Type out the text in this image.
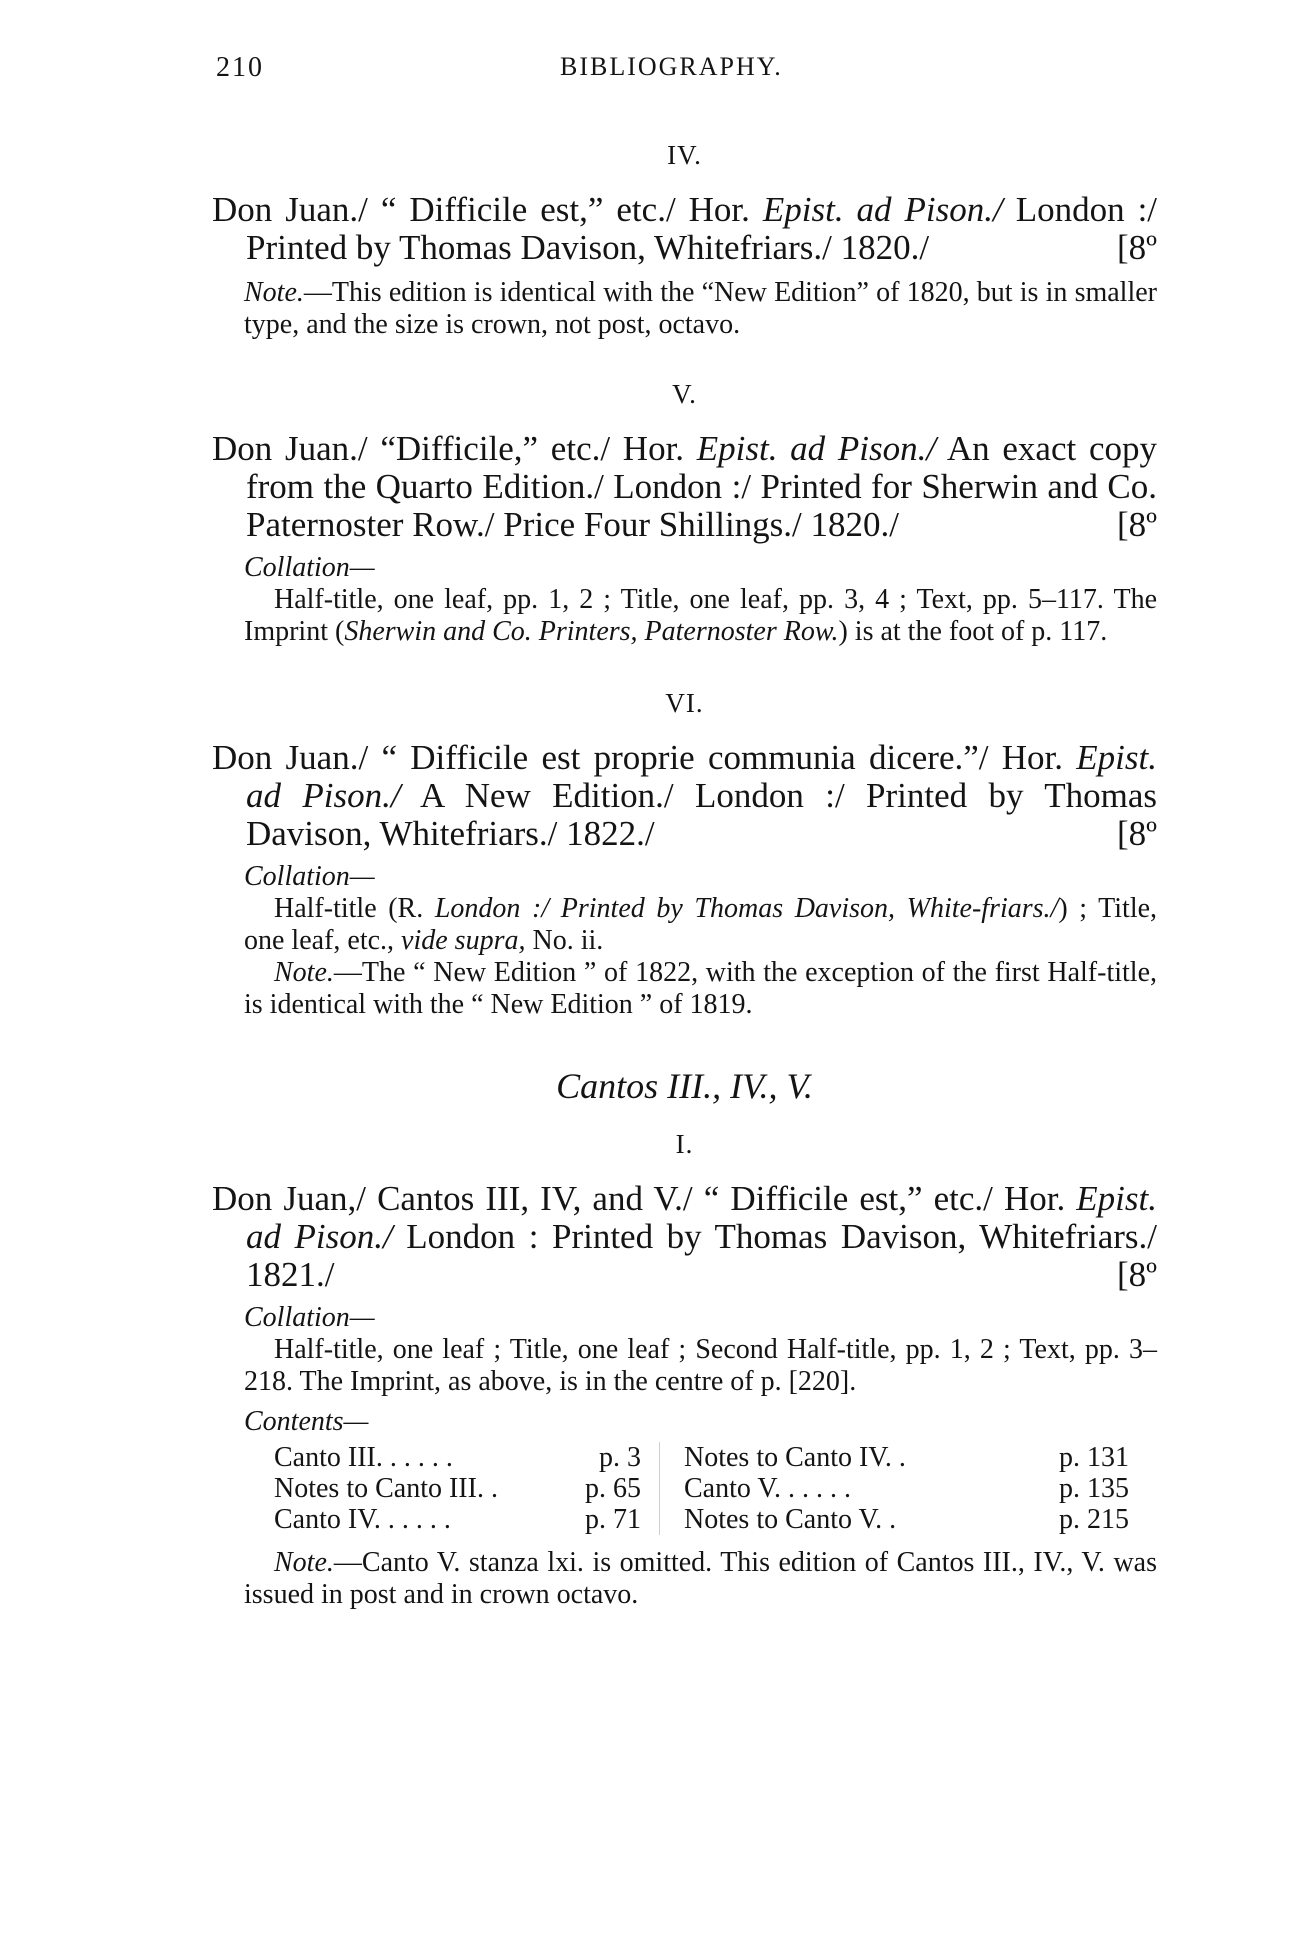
210	BIBLIOGRAPHY.
IV.

Don Juan./ “ Difficile est,” etc./ Hor. Epist. ad Pison./ London :/ Printed by Thomas Davison, Whitefriars./ 1820./	[8º

Note.—This edition is identical with the “New Edition” of 1820, but is in smaller type, and the size is crown, not post, octavo.

V.

Don Juan./ “Difficile,” etc./ Hor. Epist. ad Pison./ An exact copy from the Quarto Edition./ London :/ Printed for Sherwin and Co. Paternoster Row./ Price Four Shillings./ 1820./	[8º

Collation—

Half-title, one leaf, pp. 1, 2 ; Title, one leaf, pp. 3, 4 ; Text, pp. 5–117. The Imprint (Sherwin and Co. Printers, Paternoster Row.) is at the foot of p. 117.

VI.

Don Juan./ “ Difficile est proprie communia dicere.”/ Hor. Epist. ad Pison./ A New Edition./ London :/ Printed by Thomas Davison, Whitefriars./ 1822./	[8º

Collation—

Half-title (R. London :/ Printed by Thomas Davison, White-friars./) ; Title, one leaf, etc., vide supra, No. ii.

Note.—The “ New Edition ” of 1822, with the exception of the first Half-title, is identical with the “ New Edition ” of 1819.

Cantos III., IV., V.
I.

Don Juan,/ Cantos III, IV, and V./ “ Difficile est,” etc./ Hor. Epist. ad Pison./ London : Printed by Thomas Davison, Whitefriars./ 1821./	[8º

Collation—

Half-title, one leaf ; Title, one leaf ; Second Half-title, pp. 1, 2 ; Text, pp. 3–218. The Imprint, as above, is in the centre of p. [220].

Contents—
Canto III. . . . . .	p. 3 Notes to Canto IV. .	p. 131
Notes to Canto III. .	p. 65 Canto V. . . . . .	p. 135
Canto IV. . . . . .	p. 71 Notes to Canto V. .	p. 215

Note.—Canto V. stanza lxi. is omitted. This edition of Cantos III., IV., V. was issued in post and in crown octavo.
